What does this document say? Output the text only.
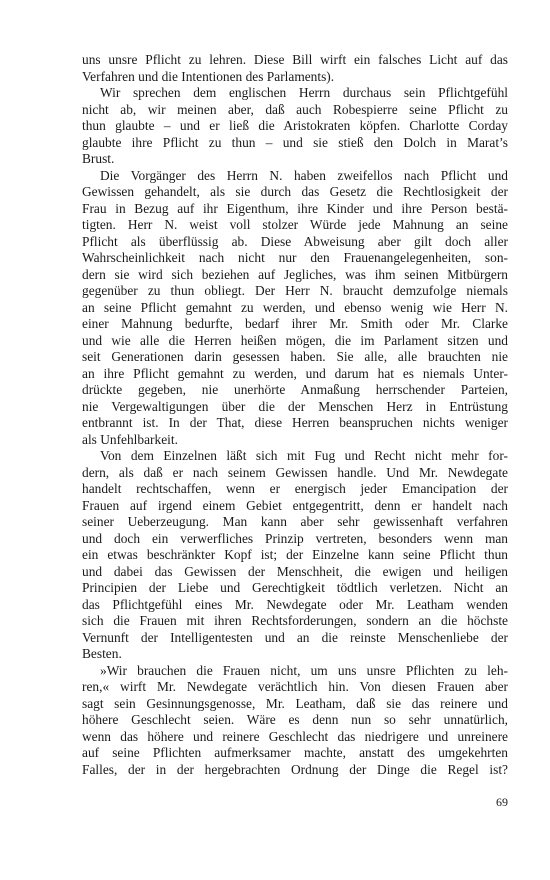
uns unsre Pflicht zu lehren. Diese Bill wirft ein falsches Licht auf das
Verfahren und die Intentionen des Parlaments).
Wir sprechen dem englischen Herrn durchaus sein Pflichtgefühl
nicht ab, wir meinen aber, daß auch Robespierre seine Pflicht zu
thun glaubte – und er ließ die Aristokraten köpfen. Charlotte Corday
glaubte ihre Pflicht zu thun – und sie stieß den Dolch in Marat’s
Brust.
Die Vorgänger des Herrn N. haben zweifellos nach Pflicht und
Gewissen gehandelt, als sie durch das Gesetz die Rechtlosigkeit der
Frau in Bezug auf ihr Eigenthum, ihre Kinder und ihre Person bestä-
tigten. Herr N. weist voll stolzer Würde jede Mahnung an seine
Pflicht als überflüssig ab. Diese Abweisung aber gilt doch aller
Wahrscheinlichkeit nach nicht nur den Frauenangelegenheiten, son-
dern sie wird sich beziehen auf Jegliches, was ihm seinen Mitbürgern
gegenüber zu thun obliegt. Der Herr N. braucht demzufolge niemals
an seine Pflicht gemahnt zu werden, und ebenso wenig wie Herr N.
einer Mahnung bedurfte, bedarf ihrer Mr. Smith oder Mr. Clarke
und wie alle die Herren heißen mögen, die im Parlament sitzen und
seit Generationen darin gesessen haben. Sie alle, alle brauchten nie
an ihre Pflicht gemahnt zu werden, und darum hat es niemals Unter-
drückte gegeben, nie unerhörte Anmaßung herrschender Parteien,
nie Vergewaltigungen über die der Menschen Herz in Entrüstung
entbrannt ist. In der That, diese Herren beanspruchen nichts weniger
als Unfehlbarkeit.
Von dem Einzelnen läßt sich mit Fug und Recht nicht mehr for-
dern, als daß er nach seinem Gewissen handle. Und Mr. Newdegate
handelt rechtschaffen, wenn er energisch jeder Emancipation der
Frauen auf irgend einem Gebiet entgegentritt, denn er handelt nach
seiner Ueberzeugung. Man kann aber sehr gewissenhaft verfahren
und doch ein verwerfliches Prinzip vertreten, besonders wenn man
ein etwas beschränkter Kopf ist; der Einzelne kann seine Pflicht thun
und dabei das Gewissen der Menschheit, die ewigen und heiligen
Principien der Liebe und Gerechtigkeit tödtlich verletzen. Nicht an
das Pflichtgefühl eines Mr. Newdegate oder Mr. Leatham wenden
sich die Frauen mit ihren Rechtsforderungen, sondern an die höchste
Vernunft der Intelligentesten und an die reinste Menschenliebe der
Besten.
»Wir brauchen die Frauen nicht, um uns unsre Pflichten zu leh-
ren,« wirft Mr. Newdegate verächtlich hin. Von diesen Frauen aber
sagt sein Gesinnungsgenosse, Mr. Leatham, daß sie das reinere und
höhere Geschlecht seien. Wäre es denn nun so sehr unnatürlich,
wenn das höhere und reinere Geschlecht das niedrigere und unreinere
auf seine Pflichten aufmerksamer machte, anstatt des umgekehrten
Falles, der in der hergebrachten Ordnung der Dinge die Regel ist?
69
